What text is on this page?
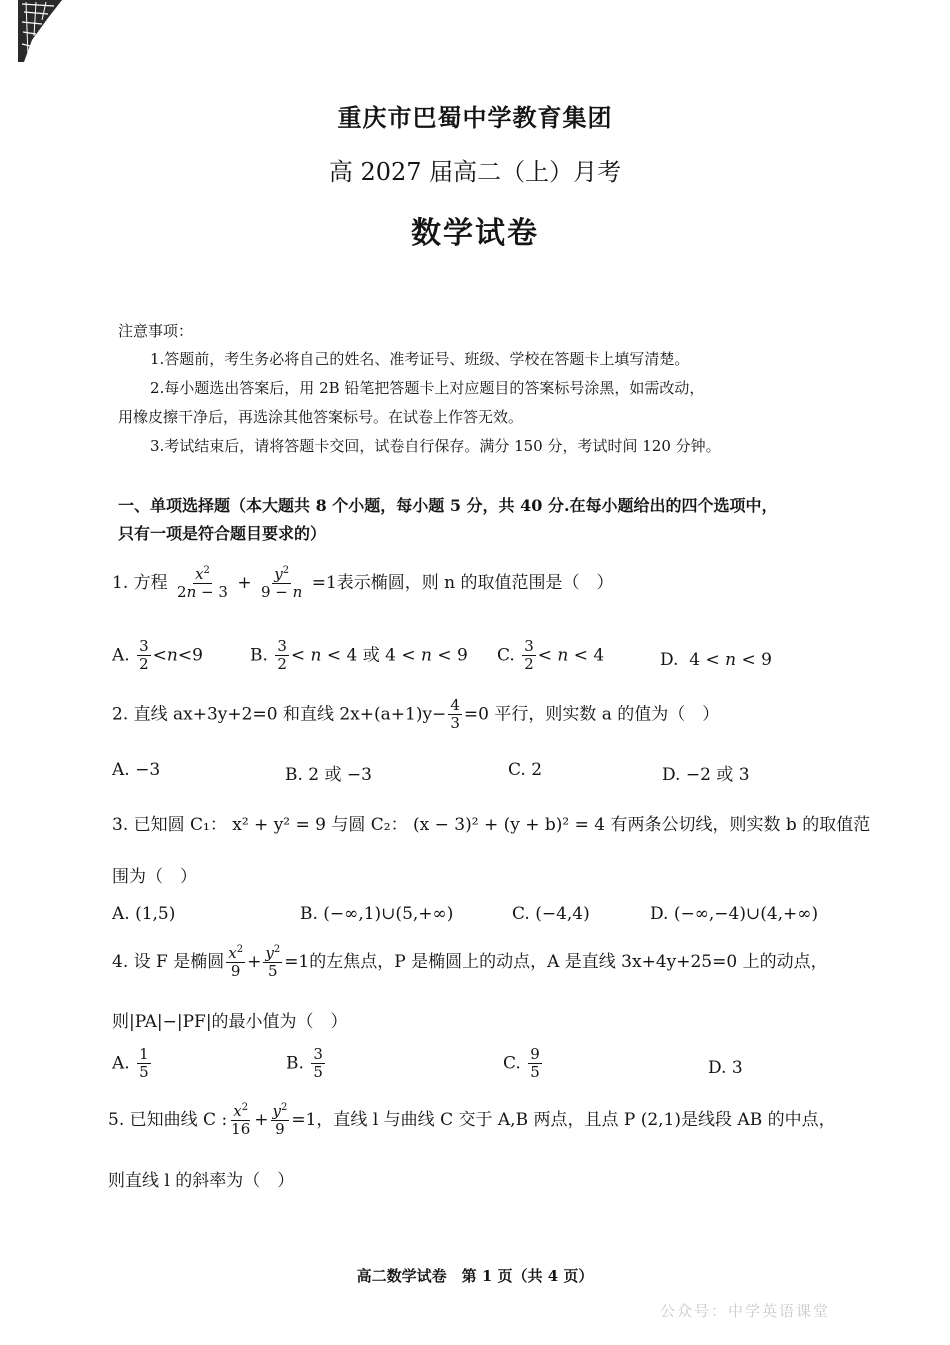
重庆市巴蜀中学教育集团
高 2027 届高二（上）月考
数学试卷
注意事项：
1.答题前，考生务必将自己的姓名、准考证号、班级、学校在答题卡上填写清楚。
2.每小题选出答案后，用 2B 铅笔把答题卡上对应题目的答案标号涂黑，如需改动，
用橡皮擦干净后，再选涂其他答案标号。在试卷上作答无效。
3.考试结束后，请将答题卡交回，试卷自行保存。满分 150 分，考试时间 120 分钟。
一、单项选择题（本大题共 8 个小题，每小题 5 分，共 40 分.在每小题给出的四个选项中，
只有一项是符合题目要求的）
1. 方程 $\frac{x^2}{2n - 3} + \frac{y^2}{9 - n} =1$表示椭圆，则 n 的取值范围是（　）
A. $\frac{3}{2} <n<9$	B. $\frac{3}{2} < n < 4$ 或 4 < n < 9 C. $\frac{3}{2} < n < 4$	D.  4 < n < 9
2. 直线 ax+3y+2=0 和直线 $2x+(a+1)y- \frac{4}{3} =0$ 平行，则实数 a 的值为（　）
A. −3	B. 2 或 −3	C. 2	D. −2 或 3
3. 已知圆 C₁： x² + y² = 9 与圆 C₂： (x − 3)² + (y + b)² = 4 有两条公切线，则实数 b 的取值范
围为（　）
A. (1,5)	B. (−∞,1)∪(5,+∞)	C. (−4,4)	D. (−∞,−4)∪(4,+∞)
4. 设 F 是椭圆 $\frac{x^2}{9} + \frac{y^2}{5} =1$的左焦点，P 是椭圆上的动点，A 是直线 3x+4y+25=0 上的动点，
则|PA|−|PF|的最小值为（　）
A. $\frac{1}{5}$	B. $\frac{3}{5}$	C. $\frac{9}{5}$	D. 3
5. 已知曲线 C : $\frac{x^2}{16} + \frac{y^2}{9} =1$，直线 l 与曲线 C 交于 A,B 两点，且点 P (2,1)是线段 AB 的中点，
则直线 l 的斜率为（　）
高二数学试卷　第 1 页（共 4 页）
公众号：中学英语课堂
